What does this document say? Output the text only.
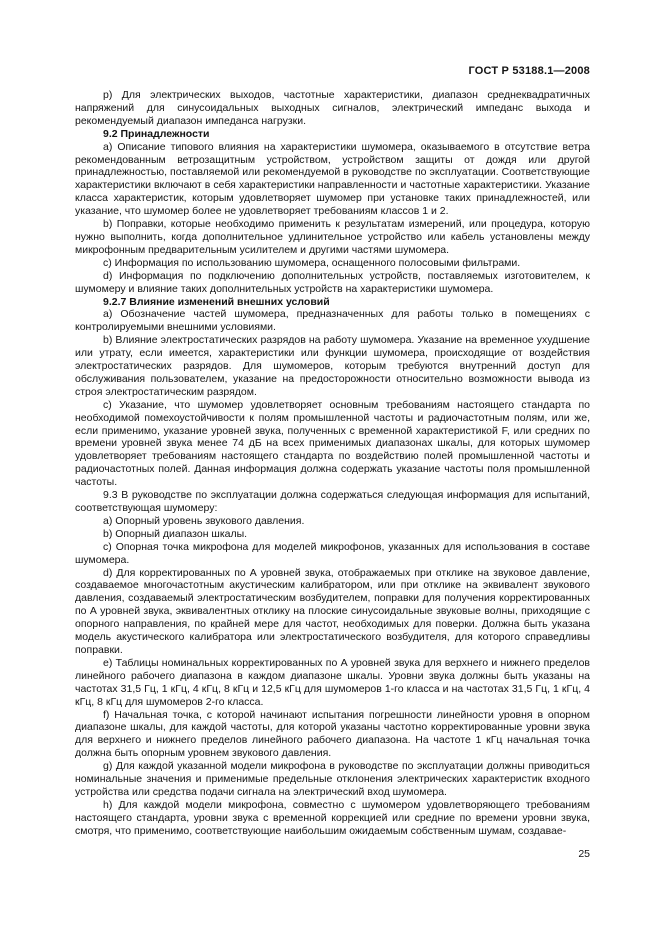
ГОСТ Р 53188.1—2008

р) Для электрических выходов, частотные характеристики, диапазон среднеквадратичных напряжений для синусоидальных выходных сигналов, электрический импеданс выхода и рекомендуемый диапазон импеданса нагрузки.

9.2 Принадлежности

а) Описание типового влияния на характеристики шумомера, оказываемого в отсутствие ветра рекомендованным ветрозащитным устройством, устройством защиты от дождя или другой принадлежностью, поставляемой или рекомендуемой в руководстве по эксплуатации. Соответствующие характеристики включают в себя характеристики направленности и частотные характеристики. Указание класса характеристик, которым удовлетворяет шумомер при установке таких принадлежностей, или указание, что шумомер более не удовлетворяет требованиям классов 1 и 2.

b) Поправки, которые необходимо применить к результатам измерений, или процедура, которую нужно выполнить, когда дополнительное удлинительное устройство или кабель установлены между микрофонным предварительным усилителем и другими частями шумомера.

с) Информация по использованию шумомера, оснащенного полосовыми фильтрами.

d) Информация по подключению дополнительных устройств, поставляемых изготовителем, к шумомеру и влияние таких дополнительных устройств на характеристики шумомера.

9.2.7 Влияние изменений внешних условий

а) Обозначение частей шумомера, предназначенных для работы только в помещениях с контролируемыми внешними условиями.

b) Влияние электростатических разрядов на работу шумомера. Указание на временное ухудшение или утрату, если имеется, характеристики или функции шумомера, происходящие от воздействия электростатических разрядов. Для шумомеров, которым требуются внутренний доступ для обслуживания пользователем, указание на предосторожности относительно возможности вывода из строя электростатическим разрядом.

с) Указание, что шумомер удовлетворяет основным требованиям настоящего стандарта по необходимой помехоустойчивости к полям промышленной частоты и радиочастотным полям, или же, если применимо, указание уровней звука, полученных с временной характеристикой F, или средних по времени уровней звука менее 74 дБ на всех применимых диапазонах шкалы, для которых шумомер удовлетворяет требованиям настоящего стандарта по воздействию полей промышленной частоты и радиочастотных полей. Данная информация должна содержать указание частоты поля промышленной частоты.

9.3 В руководстве по эксплуатации должна содержаться следующая информация для испытаний, соответствующая шумомеру:

а) Опорный уровень звукового давления.

b) Опорный диапазон шкалы.

с) Опорная точка микрофона для моделей микрофонов, указанных для использования в составе шумомера.

d) Для корректированных по А уровней звука, отображаемых при отклике на звуковое давление, создаваемое многочастотным акустическим калибратором, или при отклике на эквивалент звукового давления, создаваемый электростатическим возбудителем, поправки для получения корректированных по А уровней звука, эквивалентных отклику на плоские синусоидальные звуковые волны, приходящие с опорного направления, по крайней мере для частот, необходимых для поверки. Должна быть указана модель акустического калибратора или электростатического возбудителя, для которого справедливы поправки.

е) Таблицы номинальных корректированных по А уровней звука для верхнего и нижнего пределов линейного рабочего диапазона в каждом диапазоне шкалы. Уровни звука должны быть указаны на частотах 31,5 Гц, 1 кГц, 4 кГц, 8 кГц и 12,5 кГц для шумомеров 1-го класса и на частотах 31,5 Гц, 1 кГц, 4 кГц, 8 кГц для шумомеров 2-го класса.

f) Начальная точка, с которой начинают испытания погрешности линейности уровня в опорном диапазоне шкалы, для каждой частоты, для которой указаны частотно корректированные уровни звука для верхнего и нижнего пределов линейного рабочего диапазона. На частоте 1 кГц начальная точка должна быть опорным уровнем звукового давления.

g) Для каждой указанной модели микрофона в руководстве по эксплуатации должны приводиться номинальные значения и применимые предельные отклонения электрических характеристик входного устройства или средства подачи сигнала на электрический вход шумомера.

h) Для каждой модели микрофона, совместно с шумомером удовлетворяющего требованиям настоящего стандарта, уровни звука с временной коррекцией или средние по времени уровни звука, смотря, что применимо, соответствующие наибольшим ожидаемым собственным шумам, создавае-

25
